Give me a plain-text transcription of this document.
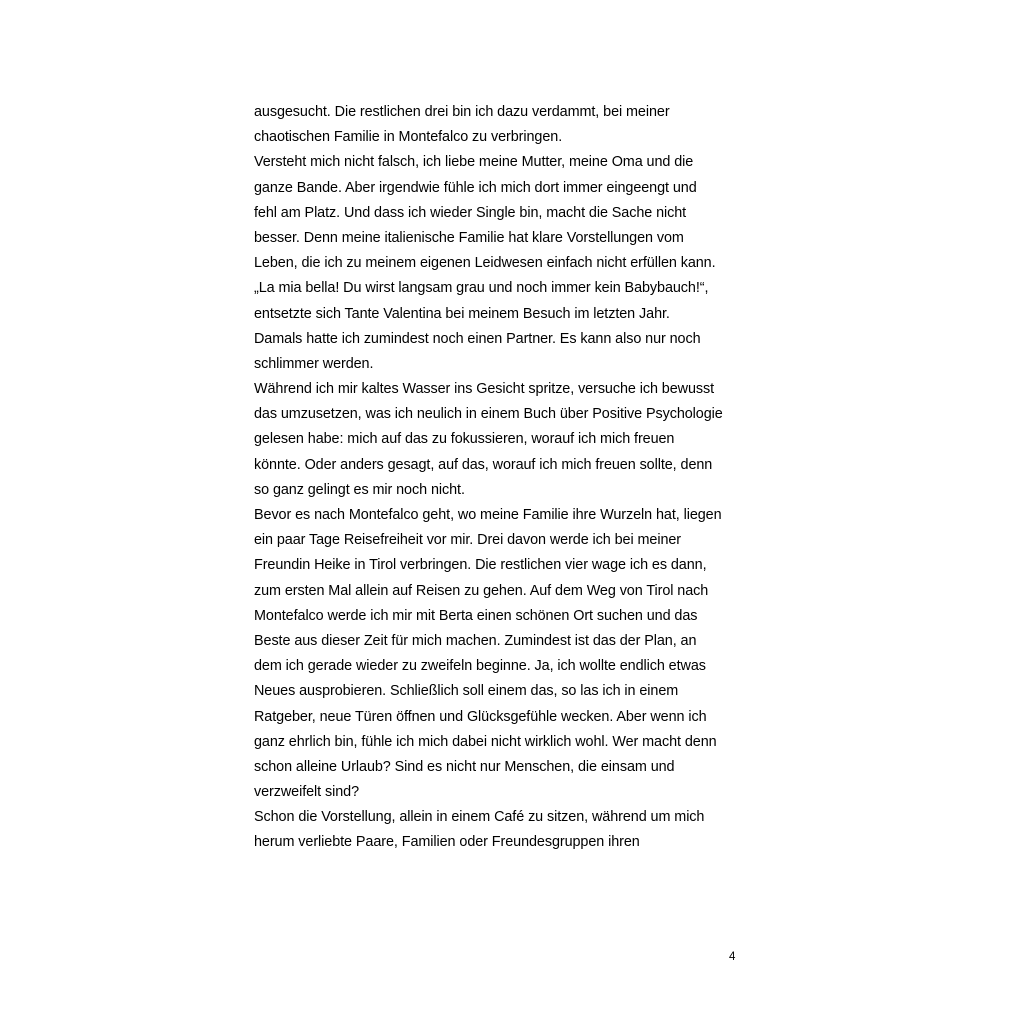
ausgesucht. Die restlichen drei bin ich dazu verdammt, bei meiner
chaotischen Familie in Montefalco zu verbringen.
Versteht mich nicht falsch, ich liebe meine Mutter, meine Oma und die
ganze Bande. Aber irgendwie fühle ich mich dort immer eingeengt und
fehl am Platz. Und dass ich wieder Single bin, macht die Sache nicht
besser. Denn meine italienische Familie hat klare Vorstellungen vom
Leben, die ich zu meinem eigenen Leidwesen einfach nicht erfüllen kann.
„La mia bella! Du wirst langsam grau und noch immer kein Babybauch!“,
entsetzte sich Tante Valentina bei meinem Besuch im letzten Jahr.
Damals hatte ich zumindest noch einen Partner. Es kann also nur noch
schlimmer werden.
Während ich mir kaltes Wasser ins Gesicht spritze, versuche ich bewusst
das umzusetzen, was ich neulich in einem Buch über Positive Psychologie
gelesen habe: mich auf das zu fokussieren, worauf ich mich freuen
könnte. Oder anders gesagt, auf das, worauf ich mich freuen sollte, denn
so ganz gelingt es mir noch nicht.
Bevor es nach Montefalco geht, wo meine Familie ihre Wurzeln hat, liegen
ein paar Tage Reisefreiheit vor mir. Drei davon werde ich bei meiner
Freundin Heike in Tirol verbringen. Die restlichen vier wage ich es dann,
zum ersten Mal allein auf Reisen zu gehen. Auf dem Weg von Tirol nach
Montefalco werde ich mir mit Berta einen schönen Ort suchen und das
Beste aus dieser Zeit für mich machen. Zumindest ist das der Plan, an
dem ich gerade wieder zu zweifeln beginne. Ja, ich wollte endlich etwas
Neues ausprobieren. Schließlich soll einem das, so las ich in einem
Ratgeber, neue Türen öffnen und Glücksgefühle wecken. Aber wenn ich
ganz ehrlich bin, fühle ich mich dabei nicht wirklich wohl. Wer macht denn
schon alleine Urlaub? Sind es nicht nur Menschen, die einsam und
verzweifelt sind?
Schon die Vorstellung, allein in einem Café zu sitzen, während um mich
herum verliebte Paare, Familien oder Freundesgruppen ihren
4
